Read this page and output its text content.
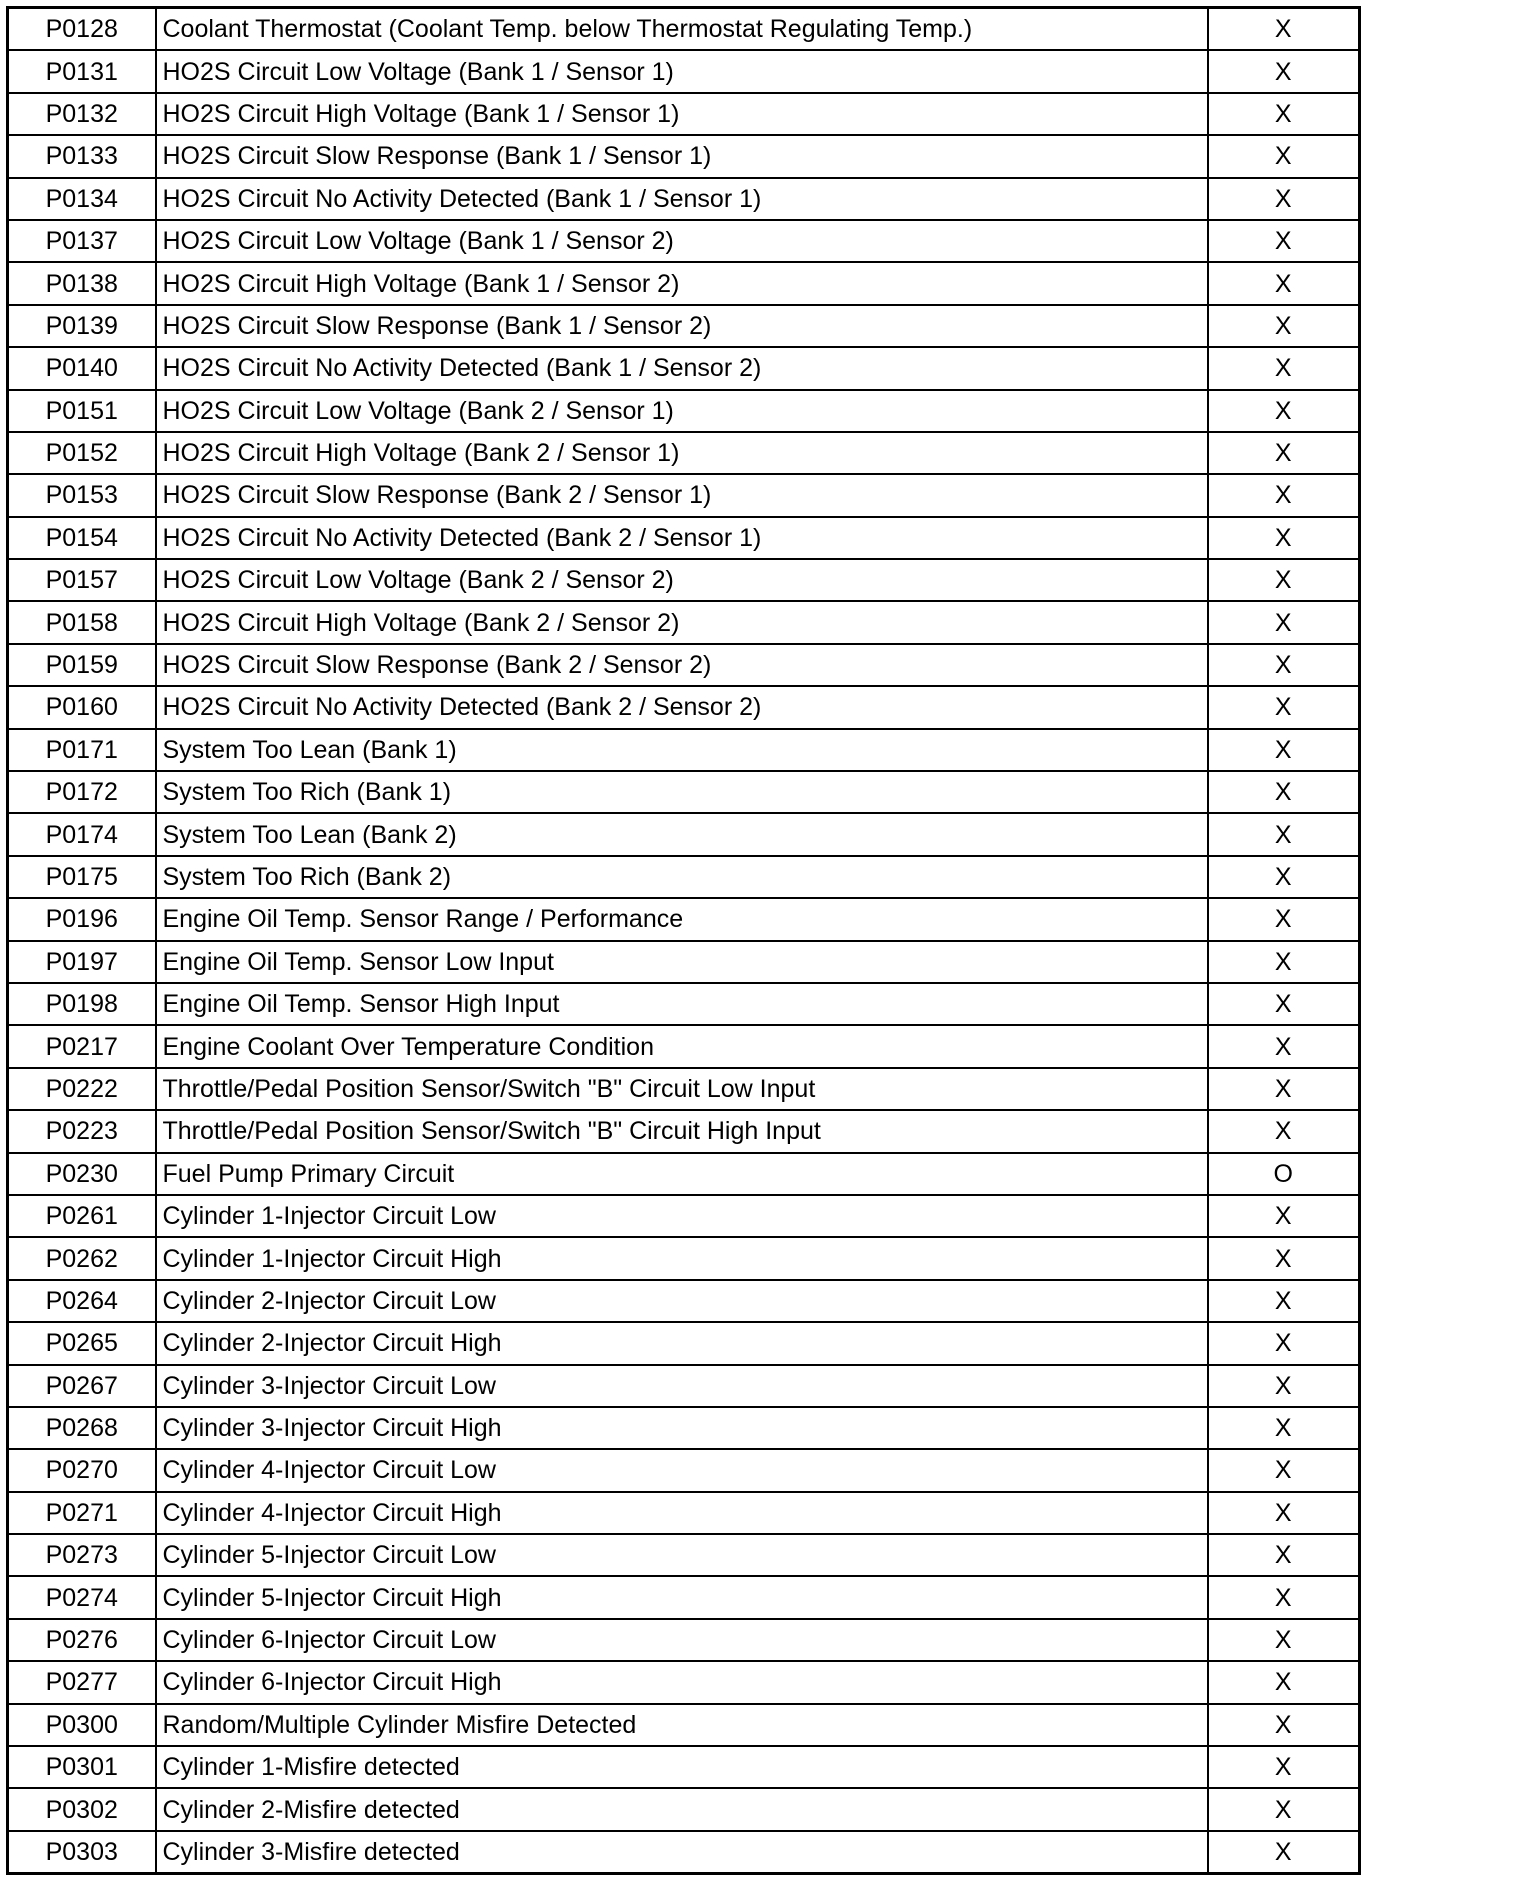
P0128	Coolant Thermostat (Coolant Temp. below Thermostat Regulating Temp.)	X
P0131	HO2S Circuit Low Voltage (Bank 1 / Sensor 1)	X
P0132	HO2S Circuit High Voltage (Bank 1 / Sensor 1)	X
P0133	HO2S Circuit Slow Response (Bank 1 / Sensor 1)	X
P0134	HO2S Circuit No Activity Detected (Bank 1 / Sensor 1)	X
P0137	HO2S Circuit Low Voltage (Bank 1 / Sensor 2)	X
P0138	HO2S Circuit High Voltage (Bank 1 / Sensor 2)	X
P0139	HO2S Circuit Slow Response (Bank 1 / Sensor 2)	X
P0140	HO2S Circuit No Activity Detected (Bank 1 / Sensor 2)	X
P0151	HO2S Circuit Low Voltage (Bank 2 / Sensor 1)	X
P0152	HO2S Circuit High Voltage (Bank 2 / Sensor 1)	X
P0153	HO2S Circuit Slow Response (Bank 2 / Sensor 1)	X
P0154	HO2S Circuit No Activity Detected (Bank 2 / Sensor 1)	X
P0157	HO2S Circuit Low Voltage (Bank 2 / Sensor 2)	X
P0158	HO2S Circuit High Voltage (Bank 2 / Sensor 2)	X
P0159	HO2S Circuit Slow Response (Bank 2 / Sensor 2)	X
P0160	HO2S Circuit No Activity Detected (Bank 2 / Sensor 2)	X
P0171	System Too Lean (Bank 1)	X
P0172	System Too Rich (Bank 1)	X
P0174	System Too Lean (Bank 2)	X
P0175	System Too Rich (Bank 2)	X
P0196	Engine Oil Temp. Sensor Range / Performance	X
P0197	Engine Oil Temp. Sensor Low Input	X
P0198	Engine Oil Temp. Sensor High Input	X
P0217	Engine Coolant Over Temperature Condition	X
P0222	Throttle/Pedal Position Sensor/Switch "B" Circuit Low Input	X
P0223	Throttle/Pedal Position Sensor/Switch "B" Circuit High Input	X
P0230	Fuel Pump Primary Circuit	O
P0261	Cylinder 1-Injector Circuit Low	X
P0262	Cylinder 1-Injector Circuit High	X
P0264	Cylinder 2-Injector Circuit Low	X
P0265	Cylinder 2-Injector Circuit High	X
P0267	Cylinder 3-Injector Circuit Low	X
P0268	Cylinder 3-Injector Circuit High	X
P0270	Cylinder 4-Injector Circuit Low	X
P0271	Cylinder 4-Injector Circuit High	X
P0273	Cylinder 5-Injector Circuit Low	X
P0274	Cylinder 5-Injector Circuit High	X
P0276	Cylinder 6-Injector Circuit Low	X
P0277	Cylinder 6-Injector Circuit High	X
P0300	Random/Multiple Cylinder Misfire Detected	X
P0301	Cylinder 1-Misfire detected	X
P0302	Cylinder 2-Misfire detected	X
P0303	Cylinder 3-Misfire detected	X
